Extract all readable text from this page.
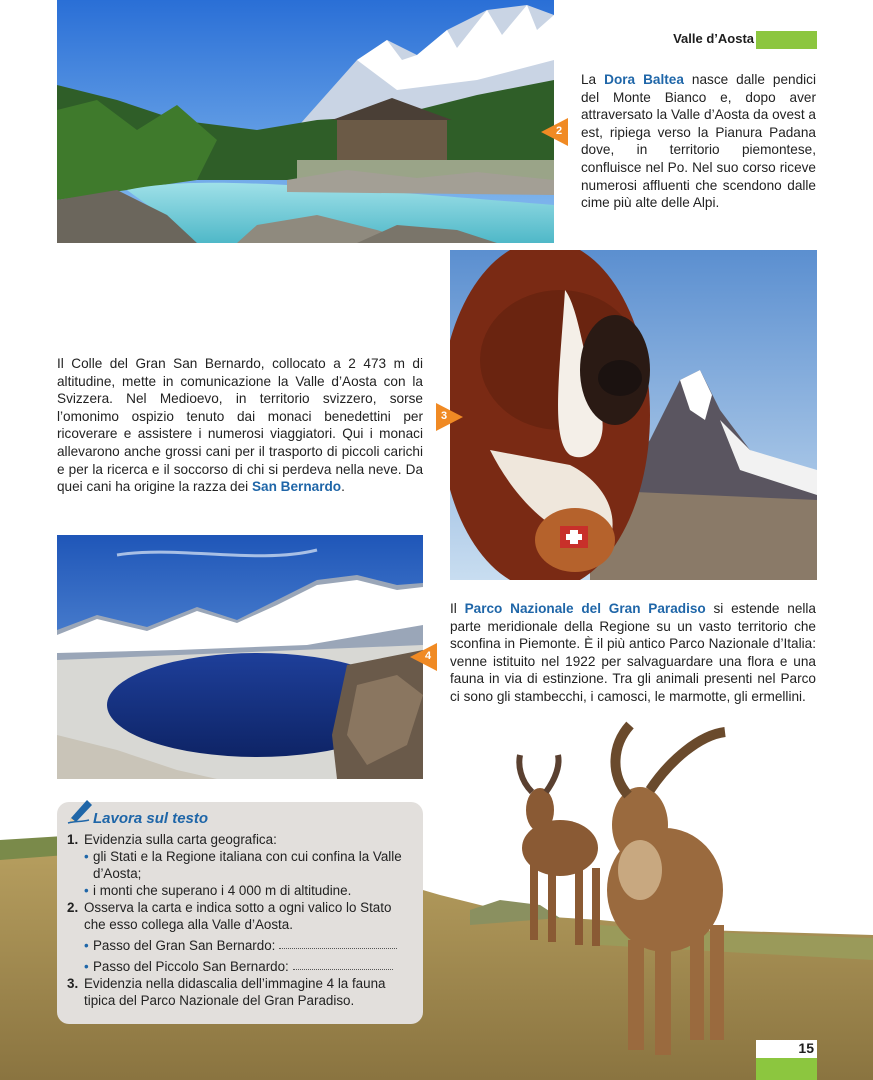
Valle d’Aosta
2

La Dora Baltea nasce dalle pendici del Monte Bianco e, dopo aver attraversato la Valle d’Aosta da ovest a est, ripiega verso la Pianura Padana dove, in territorio piemontese, confluisce nel Po. Nel suo corso riceve numerosi affluenti che scendono dalle cime più alte delle Alpi.

3

Il Colle del Gran San Bernardo, collocato a 2 473 m di altitudine, mette in comunicazione la Valle d’Aosta con la Svizzera. Nel Medioevo, in territorio svizzero, sorse l’omonimo ospizio tenuto dai monaci benedettini per ricoverare e assistere i numerosi viaggiatori. Qui i monaci allevarono anche grossi cani per il trasporto di piccoli carichi e per la ricerca e il soccorso di chi si perdeva nella neve. Da quei cani ha origine la razza dei San Bernardo.

4

Il Parco Nazionale del Gran Paradiso si estende nella parte meridionale della Regione su un vasto territorio che sconfina in Piemonte. È il più antico Parco Nazionale d’Italia: venne istituito nel 1922 per salvaguardare una flora e una fauna in via di estinzione. Tra gli animali presenti nel Parco ci sono gli stambecchi, i camosci, le marmotte, gli ermellini.

Lavora sul testo
1. Evidenzia sulla carta geografica:
• gli Stati e la Regione italiana con cui confina la Valle d’Aosta;
• i monti che superano i 4 000 m di altitudine.
2. Osserva la carta e indica sotto a ogni valico lo Stato che esso collega alla Valle d’Aosta.
• Passo del Gran San Bernardo:

• Passo del Piccolo San Bernardo:

3. Evidenzia nella didascalia dell’immagine 4 la fauna tipica del Parco Nazionale del Gran Paradiso.
15
